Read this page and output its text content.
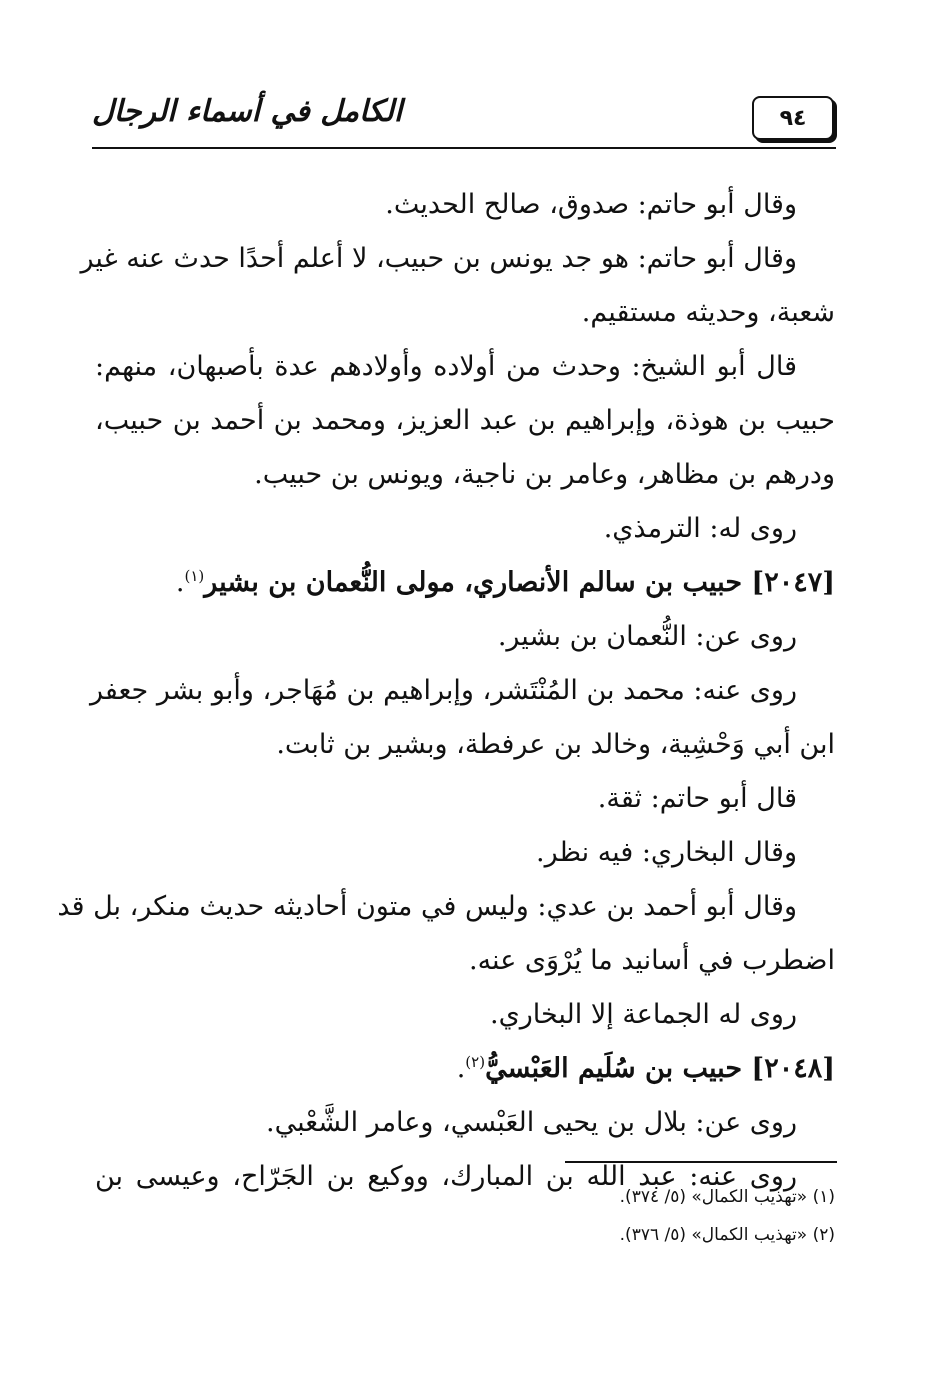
الكامل في أسماء الرجال	٩٤
وقال أبو حاتم: صدوق، صالح الحديث.
وقال أبو حاتم: هو جد يونس بن حبيب، لا أعلم أحدًا حدث عنه غير
شعبة، وحديثه مستقيم.
قال أبو الشيخ: وحدث من أولاده وأولادهم عدة بأصبهان، منهم:
حبيب بن هوذة، وإبراهيم بن عبد العزيز، ومحمد بن أحمد بن حبيب،
ودرهم بن مظاهر، وعامر بن ناجية، ويونس بن حبيب.
روى له: الترمذي.
[٢٠٤٧] حبيب بن سالم الأنصاري، مولى النُّعمان بن بشير$^{(١)}$.
روى عن: النُّعمان بن بشير.
روى عنه: محمد بن المُنْتَشر، وإبراهيم بن مُهَاجر، وأبو بشر جعفر
ابن أبي وَحْشِية، وخالد بن عرفطة، وبشير بن ثابت.
قال أبو حاتم: ثقة.
وقال البخاري: فيه نظر.
وقال أبو أحمد بن عدي: وليس في متون أحاديثه حديث منكر، بل قد
اضطرب في أسانيد ما يُرْوَى عنه.
روى له الجماعة إلا البخاري.
[٢٠٤٨] حبيب بن سُلَيم العَبْسيُّ$^{(٢)}$.
روى عن: بلال بن يحيى العَبْسي، وعامر الشَّعْبي.
روى عنه: عبد الله بن المبارك، ووكيع بن الجَرّاح، وعيسى بن
(١) «تهذيب الكمال» (٥/ ٣٧٤).
(٢) «تهذيب الكمال» (٥/ ٣٧٦).
